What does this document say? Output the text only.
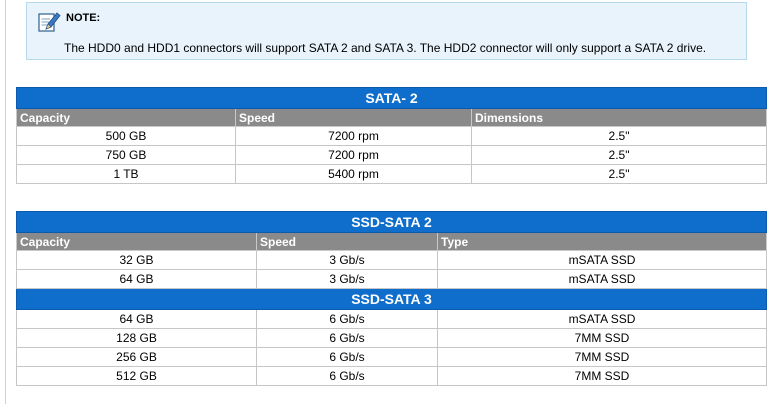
NOTE:
The HDD0 and HDD1 connectors will support SATA 2 and SATA 3. The HDD2 connector will only support a SATA 2 drive.
SATA- 2		
Capacity	Speed	Dimensions
500 GB	7200 rpm	2.5"
750 GB	7200 rpm	2.5"
1 TB	5400 rpm	2.5"
SSD-SATA 2		
Capacity	Speed	Type
32 GB	3 Gb/s	mSATA SSD
64 GB	3 Gb/s	mSATA SSD
SSD-SATA 3		
64 GB	6 Gb/s	mSATA SSD
128 GB	6 Gb/s	7MM SSD
256 GB	6 Gb/s	7MM SSD
512 GB	6 Gb/s	7MM SSD
